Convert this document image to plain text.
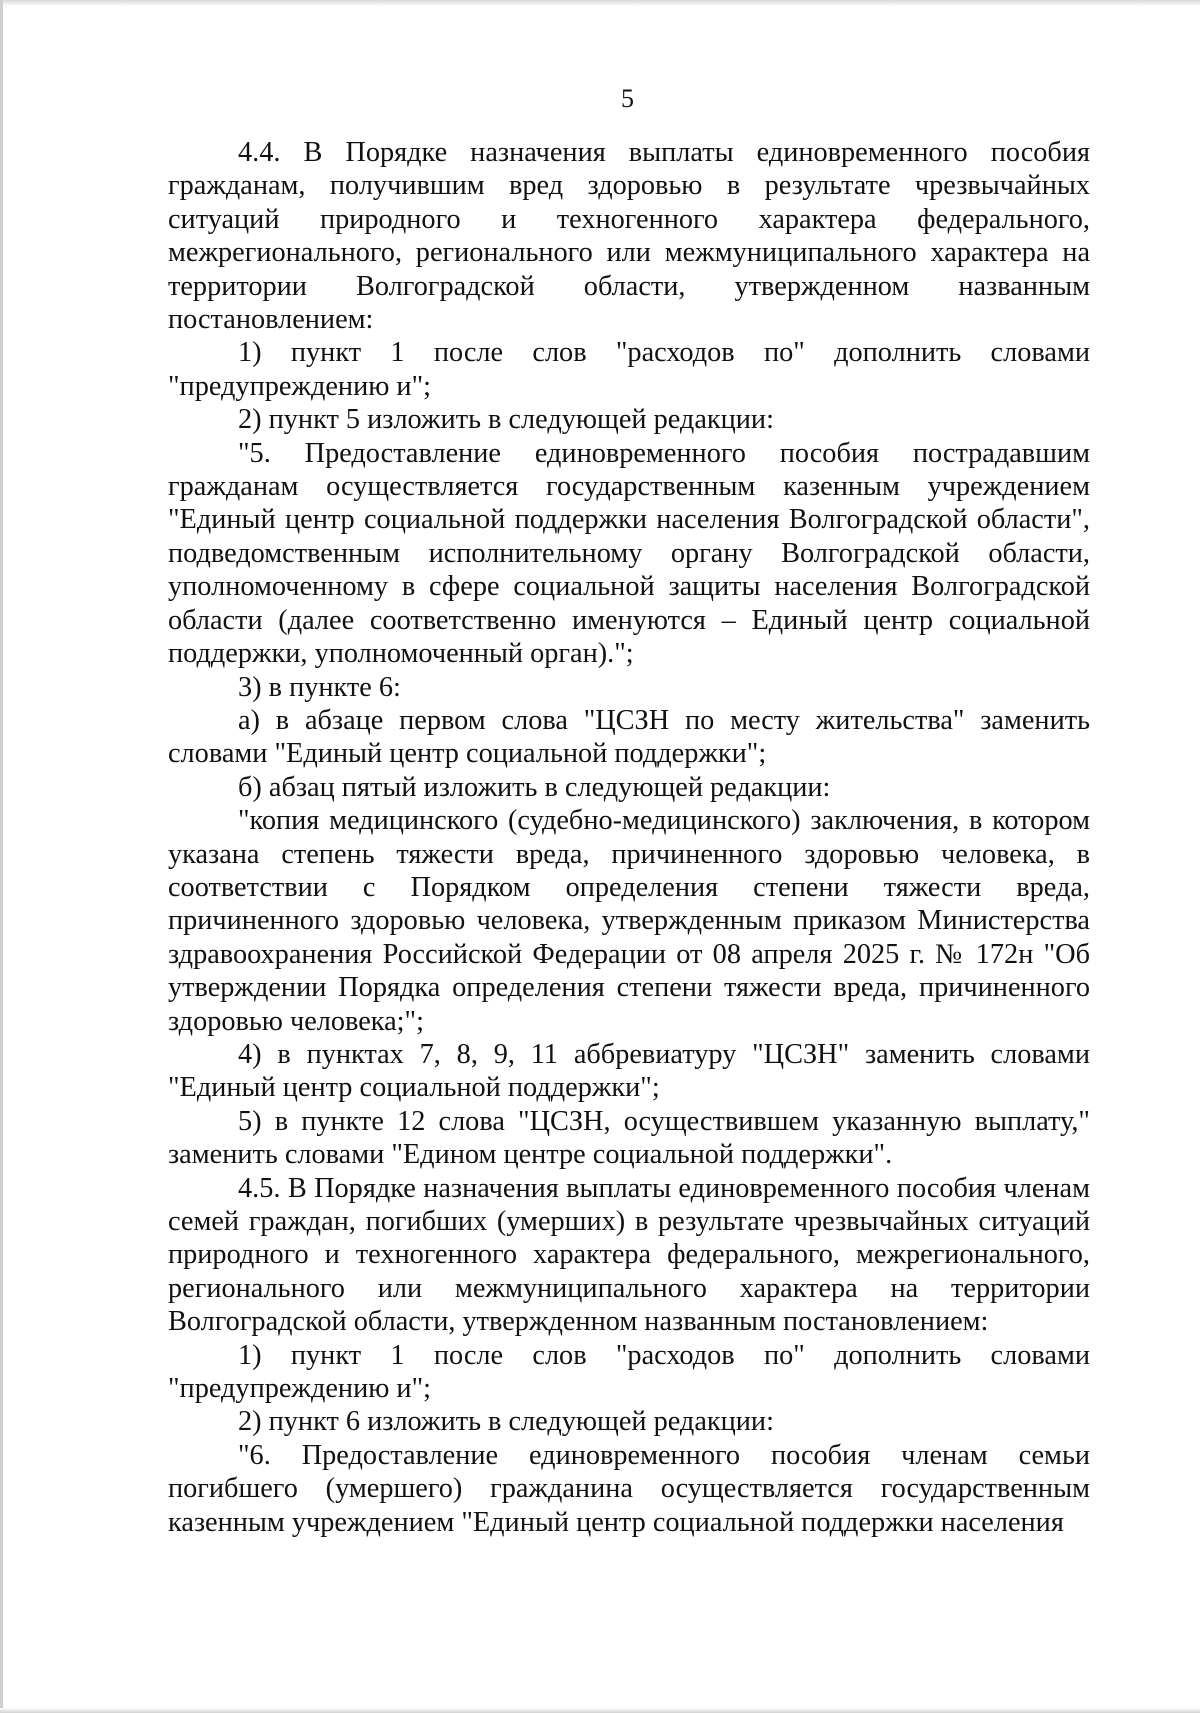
5

4.4. В Порядке назначения выплаты единовременного пособия гражданам, получившим вред здоровью в результате чрезвычайных ситуаций природного и техногенного характера федерального, межрегионального, регионального или межмуниципального характера на территории Волгоградской области, утвержденном названным постановлением:

1) пункт 1 после слов "расходов по" дополнить словами "предупреждению и";

2) пункт 5 изложить в следующей редакции:

"5. Предоставление единовременного пособия пострадавшим гражданам осуществляется государственным казенным учреждением "Единый центр социальной поддержки населения Волгоградской области", подведомственным исполнительному органу Волгоградской области, уполномоченному в сфере социальной защиты населения Волгоградской области (далее соответственно именуются – Единый центр социальной поддержки, уполномоченный орган).";

3) в пункте 6:

а) в абзаце первом слова "ЦСЗН по месту жительства" заменить словами "Единый центр социальной поддержки";

б) абзац пятый изложить в следующей редакции:

"копия медицинского (судебно-медицинского) заключения, в котором указана степень тяжести вреда, причиненного здоровью человека, в соответствии с Порядком определения степени тяжести вреда, причиненного здоровью человека, утвержденным приказом Министерства здравоохранения Российской Федерации от 08 апреля 2025 г. № 172н "Об утверждении Порядка определения степени тяжести вреда, причиненного здоровью человека;";

4) в пунктах 7, 8, 9, 11 аббревиатуру "ЦСЗН" заменить словами "Единый центр социальной поддержки";

5) в пункте 12 слова "ЦСЗН, осуществившем указанную выплату," заменить словами "Едином центре социальной поддержки".

4.5. В Порядке назначения выплаты единовременного пособия членам семей граждан, погибших (умерших) в результате чрезвычайных ситуаций природного и техногенного характера федерального, межрегионального, регионального или межмуниципального характера на территории Волгоградской области, утвержденном названным постановлением:

1) пункт 1 после слов "расходов по" дополнить словами "предупреждению и";

2) пункт 6 изложить в следующей редакции:

"6. Предоставление единовременного пособия членам семьи погибшего (умершего) гражданина осуществляется государственным казенным учреждением "Единый центр социальной поддержки населения
